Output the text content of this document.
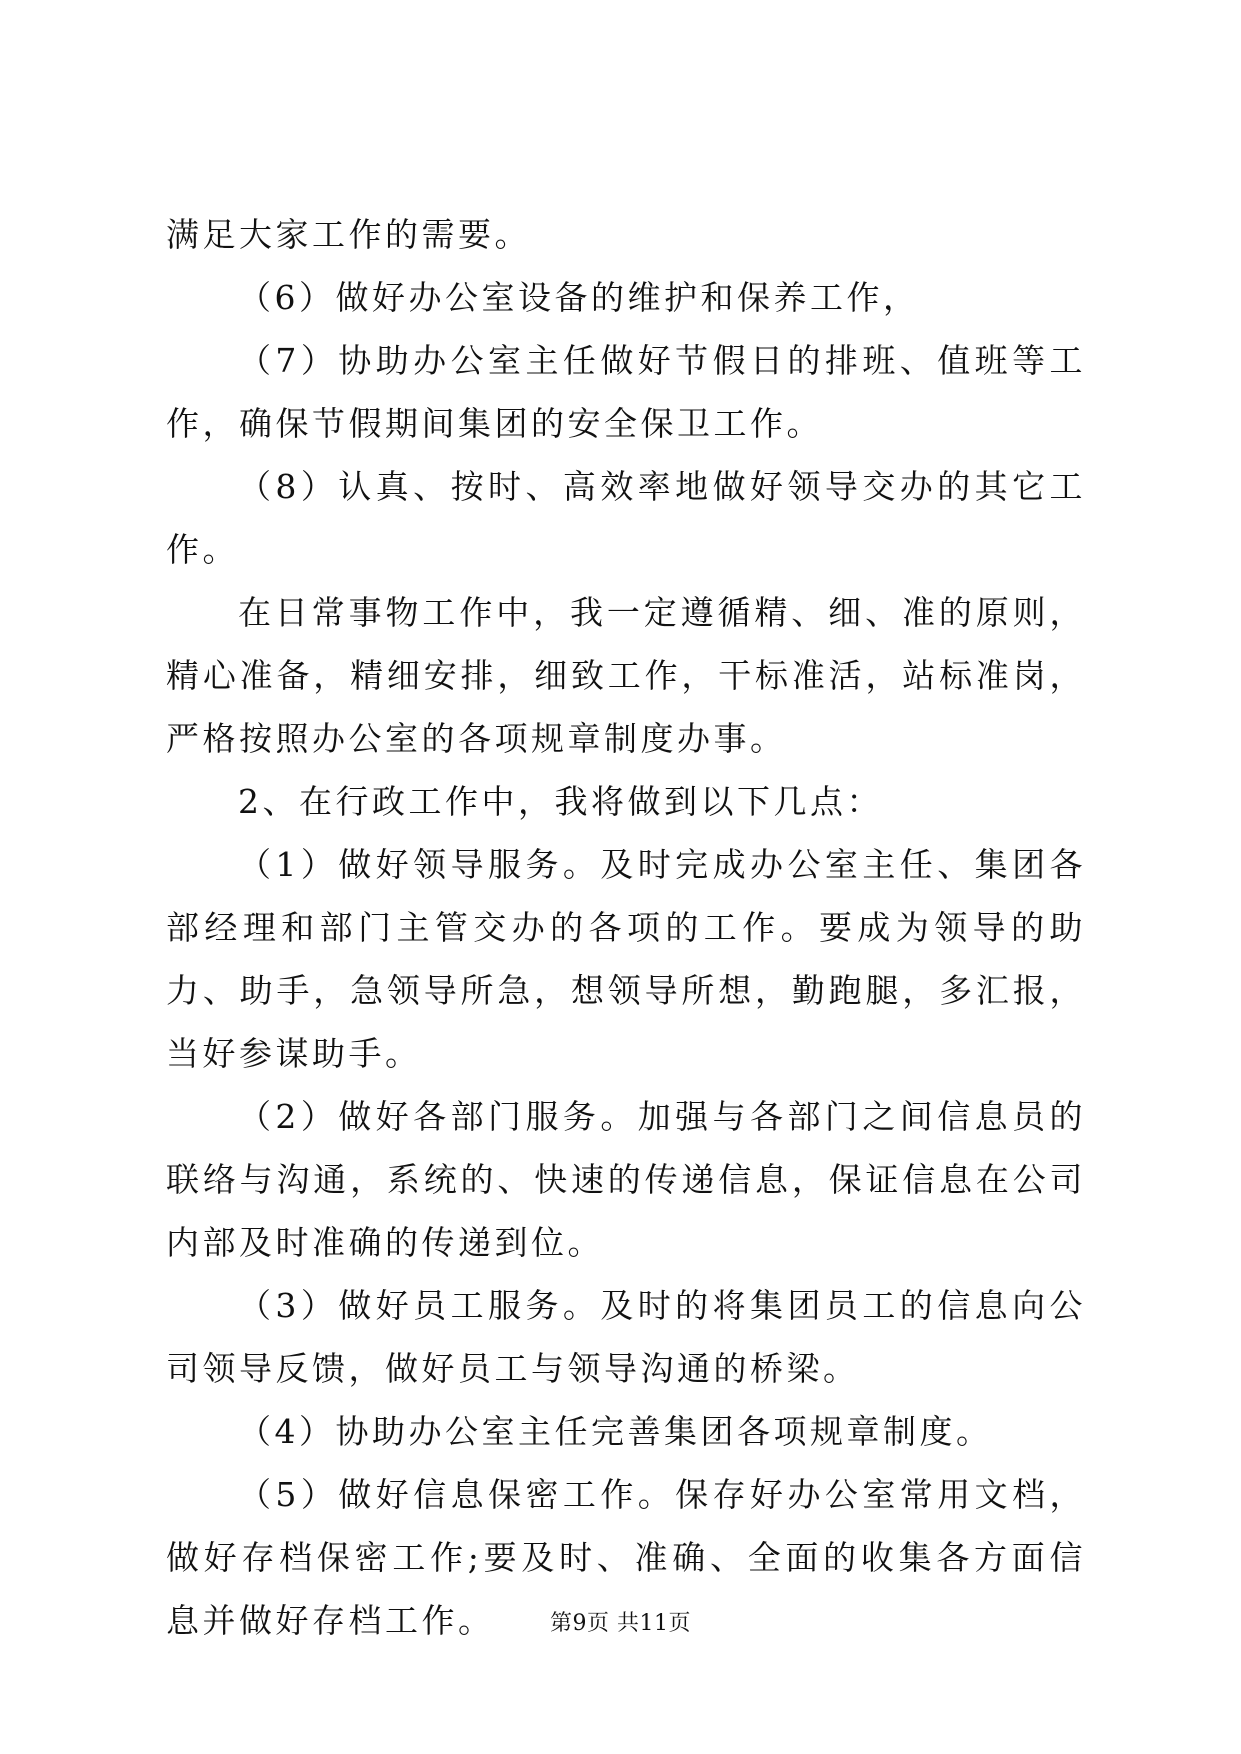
满足大家工作的需要。

（6）做好办公室设备的维护和保养工作，

（7）协助办公室主任做好节假日的排班、值班等工作，确保节假期间集团的安全保卫工作。

（8）认真、按时、高效率地做好领导交办的其它工作。

在日常事物工作中，我一定遵循精、细、准的原则，精心准备，精细安排，细致工作，干标准活，站标准岗，严格按照办公室的各项规章制度办事。

2、在行政工作中，我将做到以下几点：

（1）做好领导服务。及时完成办公室主任、集团各部经理和部门主管交办的各项的工作。要成为领导的助力、助手，急领导所急，想领导所想，勤跑腿，多汇报，当好参谋助手。

（2）做好各部门服务。加强与各部门之间信息员的联络与沟通，系统的、快速的传递信息，保证信息在公司内部及时准确的传递到位。

（3）做好员工服务。及时的将集团员工的信息向公司领导反馈，做好员工与领导沟通的桥梁。

（4）协助办公室主任完善集团各项规章制度。

（5）做好信息保密工作。保存好办公室常用文档，做好存档保密工作;要及时、准确、全面的收集各方面信息并做好存档工作。	第9页 共11页
